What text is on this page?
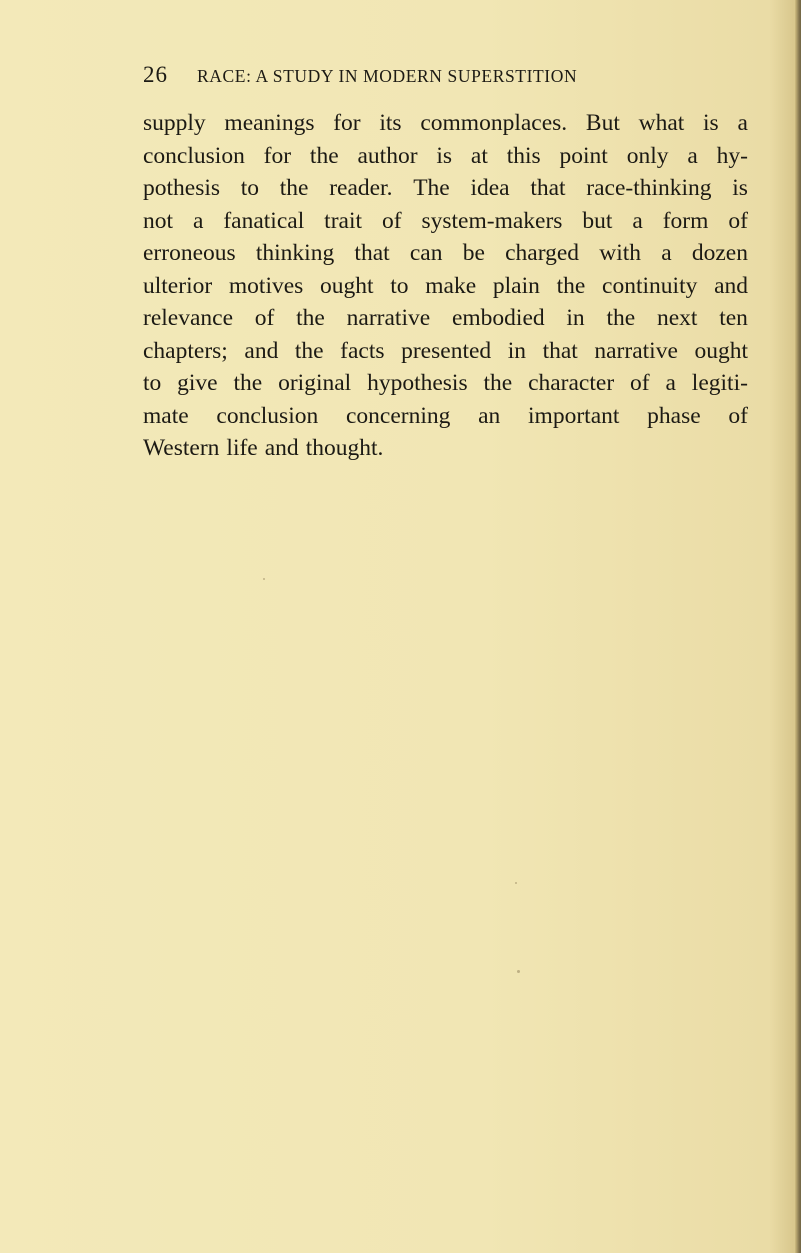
26	RACE: A STUDY IN MODERN SUPERSTITION
supply meanings for its commonplaces. But what is a
conclusion for the author is at this point only a hy-
pothesis to the reader. The idea that race-thinking is
not a fanatical trait of system-makers but a form of
erroneous thinking that can be charged with a dozen
ulterior motives ought to make plain the continuity and
relevance of the narrative embodied in the next ten
chapters; and the facts presented in that narrative ought
to give the original hypothesis the character of a legiti-
mate conclusion concerning an important phase of
Western life and thought.
